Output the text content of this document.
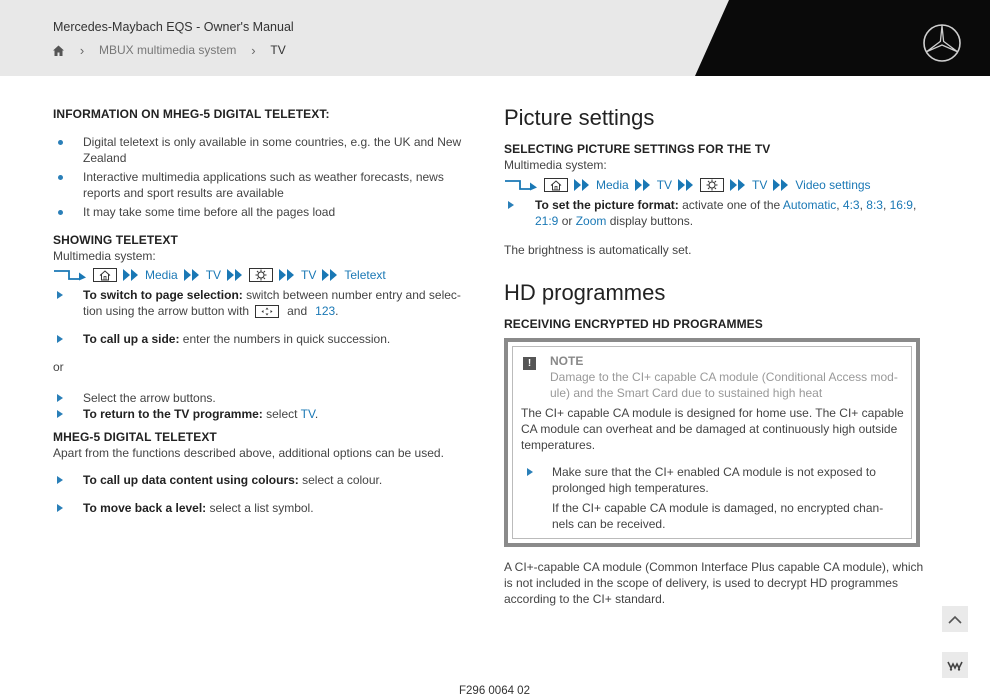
Mercedes-Maybach EQS - Owner's Manual
›	MBUX multimedia system	›	TV
INFORMATION ON MHEG-5 DIGITAL TELETEXT:
Digital teletext is only available in some countries, e.g. the UK and New
Zealand
Interactive multimedia applications such as weather forecasts, news
reports and sport results are available
It may take some time before all the pages load
SHOWING TELETEXT
Multimedia system:
Media TV	TV Teletext
To switch to page selection: switch between number entry and selec-
tion using the arrow button with	and 123 .
To call up a side: enter the numbers in quick succession.
or
Select the arrow buttons.
To return to the TV programme: select TV.
MHEG-5 DIGITAL TELETEXT
Apart from the functions described above, additional options can be used.
To call up data content using colours: select a colour.
To move back a level: select a list symbol.
Picture settings
SELECTING PICTURE SETTINGS FOR THE TV
Multimedia system:
Media TV	TV Video settings
To set the picture format: activate one of the Automatic, 4:3, 8:3, 16:9,
21:9 or Zoom display buttons.
The brightness is automatically set.
HD programmes
RECEIVING ENCRYPTED HD PROGRAMMES
!	NOTE
Damage to the CI+ capable CA module (Conditional Access mod-
ule) and the Smart Card due to sustained high heat
The CI+ capable CA module is designed for home use. The CI+ capable
CA module can overheat and be damaged at continuously high outside
temperatures.
Make sure that the CI+ enabled CA module is not exposed to
prolonged high temperatures.
If the CI+ capable CA module is damaged, no encrypted chan-
nels can be received.
A CI+-capable CA module (Common Interface Plus capable CA module), which
is not included in the scope of delivery, is used to decrypt HD programmes
according to the CI+ standard.
F296 0064 02
